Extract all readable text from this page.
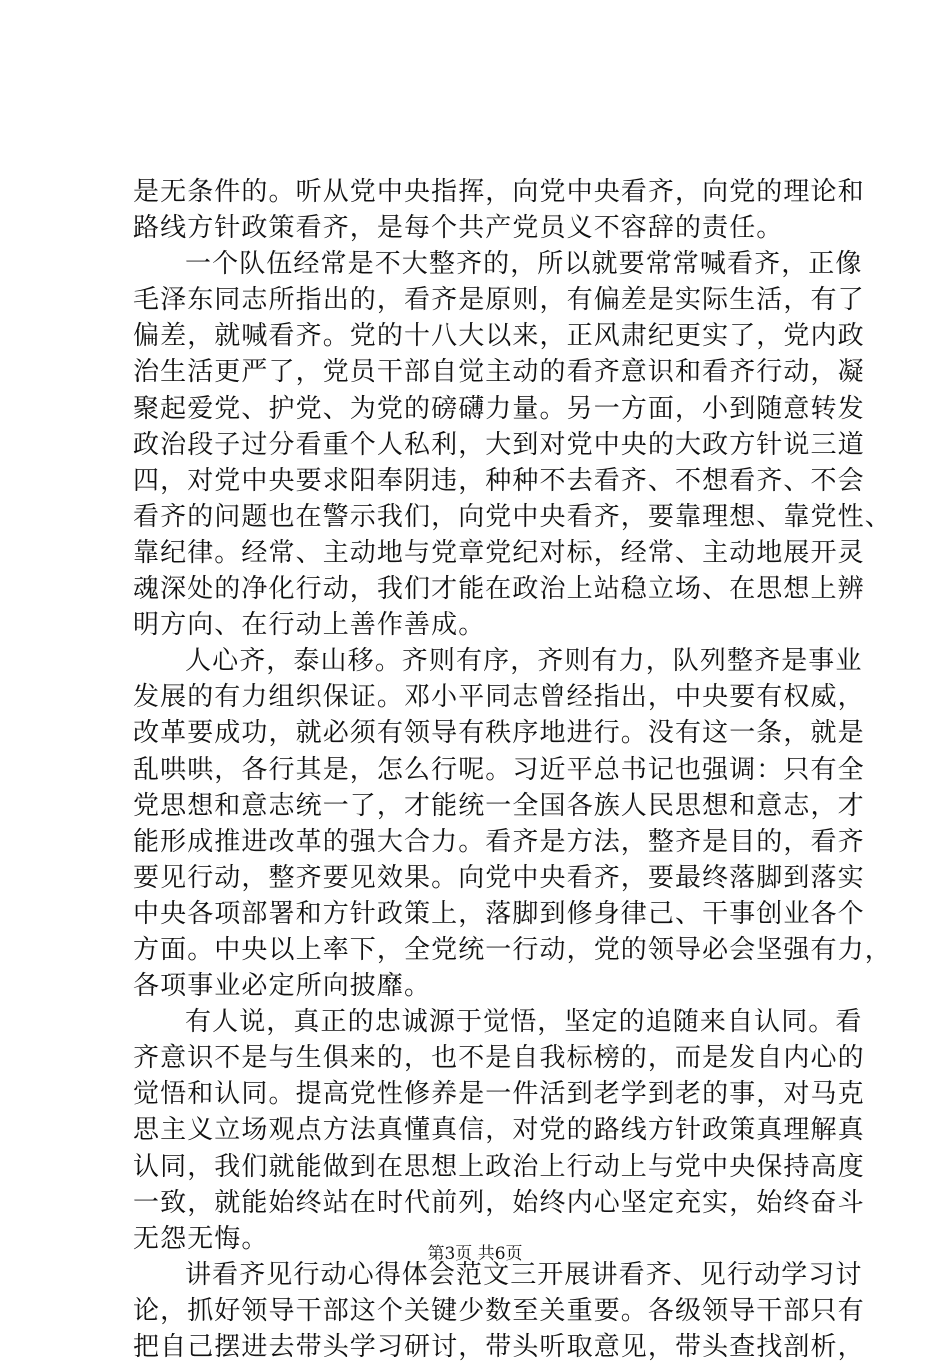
是无条件的。听从党中央指挥，向党中央看齐，向党的理论和
路线方针政策看齐，是每个共产党员义不容辞的责任。
一个队伍经常是不大整齐的，所以就要常常喊看齐，正像
毛泽东同志所指出的，看齐是原则，有偏差是实际生活，有了
偏差，就喊看齐。党的十八大以来，正风肃纪更实了，党内政
治生活更严了，党员干部自觉主动的看齐意识和看齐行动，凝
聚起爱党、护党、为党的磅礴力量。另一方面，小到随意转发
政治段子过分看重个人私利，大到对党中央的大政方针说三道
四，对党中央要求阳奉阴违，种种不去看齐、不想看齐、不会
看齐的问题也在警示我们，向党中央看齐，要靠理想、靠党性、
靠纪律。经常、主动地与党章党纪对标，经常、主动地展开灵
魂深处的净化行动，我们才能在政治上站稳立场、在思想上辨
明方向、在行动上善作善成。
人心齐，泰山移。齐则有序，齐则有力，队列整齐是事业
发展的有力组织保证。邓小平同志曾经指出，中央要有权威，
改革要成功，就必须有领导有秩序地进行。没有这一条，就是
乱哄哄，各行其是，怎么行呢。习近平总书记也强调：只有全
党思想和意志统一了，才能统一全国各族人民思想和意志，才
能形成推进改革的强大合力。看齐是方法，整齐是目的，看齐
要见行动，整齐要见效果。向党中央看齐，要最终落脚到落实
中央各项部署和方针政策上，落脚到修身律己、干事创业各个
方面。中央以上率下，全党统一行动，党的领导必会坚强有力，
各项事业必定所向披靡。
有人说，真正的忠诚源于觉悟，坚定的追随来自认同。看
齐意识不是与生俱来的，也不是自我标榜的，而是发自内心的
觉悟和认同。提高党性修养是一件活到老学到老的事，对马克
思主义立场观点方法真懂真信，对党的路线方针政策真理解真
认同，我们就能做到在思想上政治上行动上与党中央保持高度
一致，就能始终站在时代前列，始终内心坚定充实，始终奋斗
无怨无悔。
讲看齐见行动心得体会范文三开展讲看齐、见行动学习讨
论，抓好领导干部这个关键少数至关重要。各级领导干部只有
把自己摆进去带头学习研讨，带头听取意见，带头查找剖析，
第3页 共6页
